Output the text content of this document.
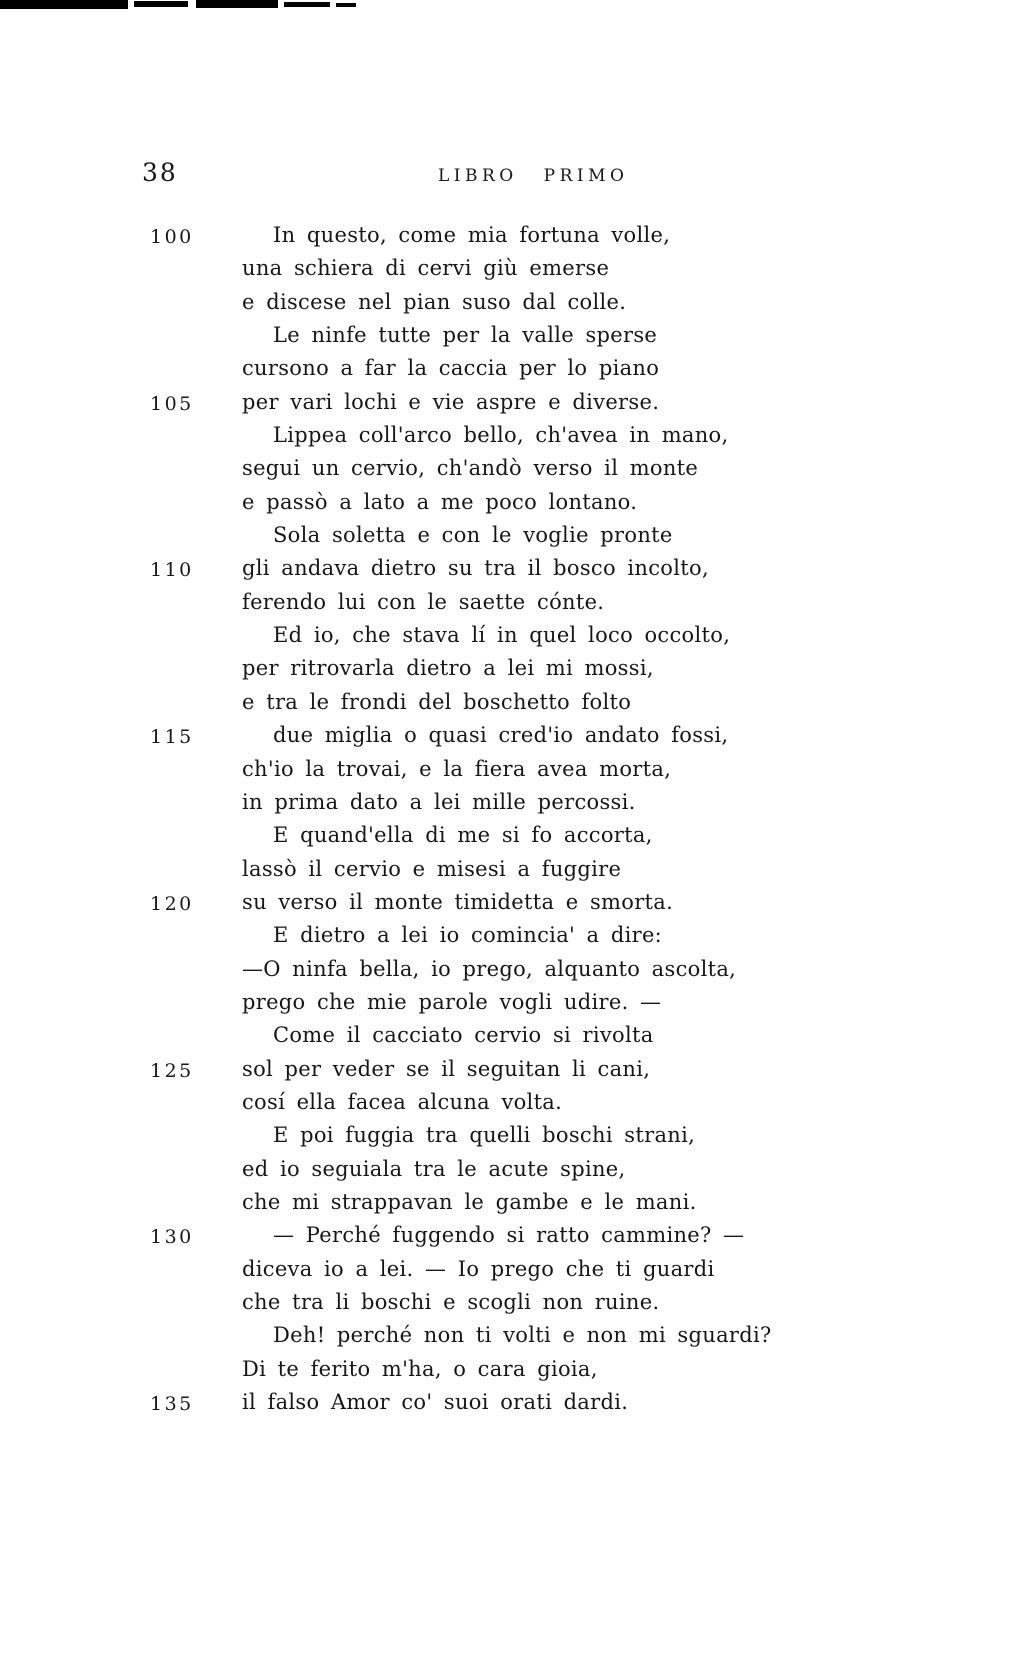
38	LIBRO PRIMO
100	In questo, come mia fortuna volle,
una schiera di cervi giù emerse
e discese nel pian suso dal colle.
Le ninfe tutte per la valle sperse
cursono a far la caccia per lo piano
105 per vari lochi e vie aspre e diverse.
Lippea coll'arco bello, ch'avea in mano,
segui un cervio, ch'andò verso il monte
e passò a lato a me poco lontano.
Sola soletta e con le voglie pronte
110 gli andava dietro su tra il bosco incolto,
ferendo lui con le saette cónte.
Ed io, che stava lí in quel loco occolto,
per ritrovarla dietro a lei mi mossi,
e tra le frondi del boschetto folto
115	due miglia o quasi cred'io andato fossi,
ch'io la trovai, e la fiera avea morta,
in prima dato a lei mille percossi.
E quand'ella di me si fo accorta,
lassò il cervio e misesi a fuggire
120 su verso il monte timidetta e smorta.
E dietro a lei io comincia' a dire:
—O ninfa bella, io prego, alquanto ascolta,
prego che mie parole vogli udire. —
Come il cacciato cervio si rivolta
125 sol per veder se il seguitan li cani,
cosí ella facea alcuna volta.
E poi fuggia tra quelli boschi strani,
ed io seguiala tra le acute spine,
che mi strappavan le gambe e le mani.
130	— Perché fuggendo si ratto cammine? —
diceva io a lei. — Io prego che ti guardi
che tra li boschi e scogli non ruine.
Deh! perché non ti volti e non mi sguardi?
Di te ferito m'ha, o cara gioia,
135 il falso Amor co' suoi orati dardi.
